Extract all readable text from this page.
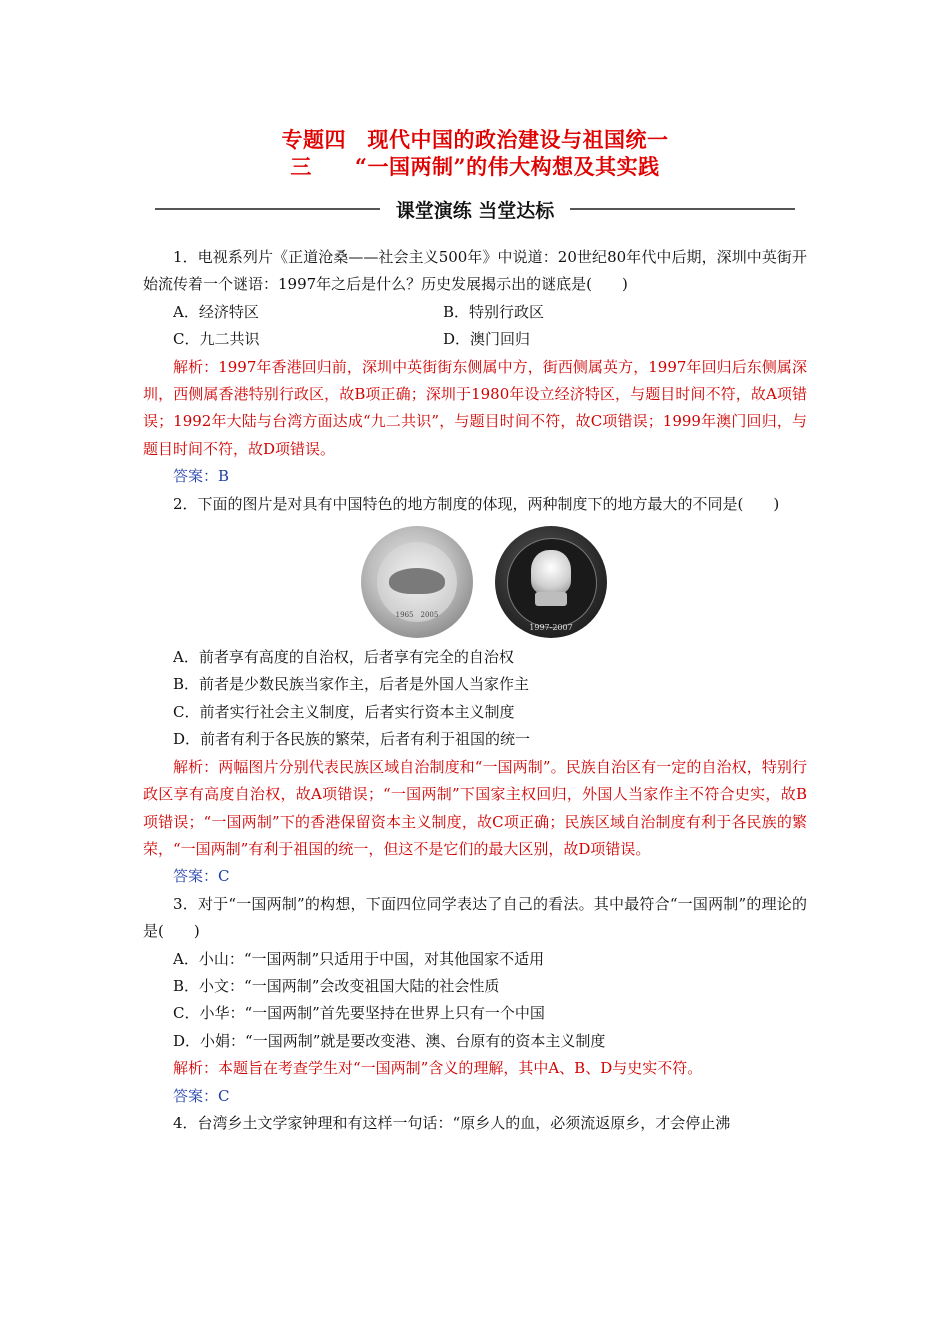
专题四　现代中国的政治建设与祖国统一
三　　“一国两制”的伟大构想及其实践
课堂演练 当堂达标
1．电视系列片《正道沧桑——社会主义500年》中说道：20世纪80年代中后期，深圳中英街开始流传着一个谜语：1997年之后是什么？历史发展揭示出的谜底是(　　)
A．经济特区	B．特别行政区
C．九二共识	D．澳门回归
解析：1997年香港回归前，深圳中英街街东侧属中方，街西侧属英方，1997年回归后东侧属深圳，西侧属香港特别行政区，故B项正确；深圳于1980年设立经济特区，与题目时间不符，故A项错误；1992年大陆与台湾方面达成“九二共识”，与题目时间不符，故C项错误；1999年澳门回归，与题目时间不符，故D项错误。
答案：B
2．下面的图片是对具有中国特色的地方制度的体现，两种制度下的地方最大的不同是(　　)
1965　2005
1997-2007
A．前者享有高度的自治权，后者享有完全的自治权
B．前者是少数民族当家作主，后者是外国人当家作主
C．前者实行社会主义制度，后者实行资本主义制度
D．前者有利于各民族的繁荣，后者有利于祖国的统一
解析：两幅图片分别代表民族区域自治制度和“一国两制”。民族自治区有一定的自治权，特别行政区享有高度自治权，故A项错误；“一国两制”下国家主权回归，外国人当家作主不符合史实，故B项错误；“一国两制”下的香港保留资本主义制度，故C项正确；民族区域自治制度有利于各民族的繁荣，“一国两制”有利于祖国的统一，但这不是它们的最大区别，故D项错误。
答案：C
3．对于“一国两制”的构想，下面四位同学表达了自己的看法。其中最符合“一国两制”的理论的是(　　)
A．小山：“一国两制”只适用于中国，对其他国家不适用
B．小文：“一国两制”会改变祖国大陆的社会性质
C．小华：“一国两制”首先要坚持在世界上只有一个中国
D．小娟：“一国两制”就是要改变港、澳、台原有的资本主义制度
解析：本题旨在考查学生对“一国两制”含义的理解，其中A、B、D与史实不符。
答案：C
4．台湾乡土文学家钟理和有这样一句话：“原乡人的血，必须流返原乡，才会停止沸
